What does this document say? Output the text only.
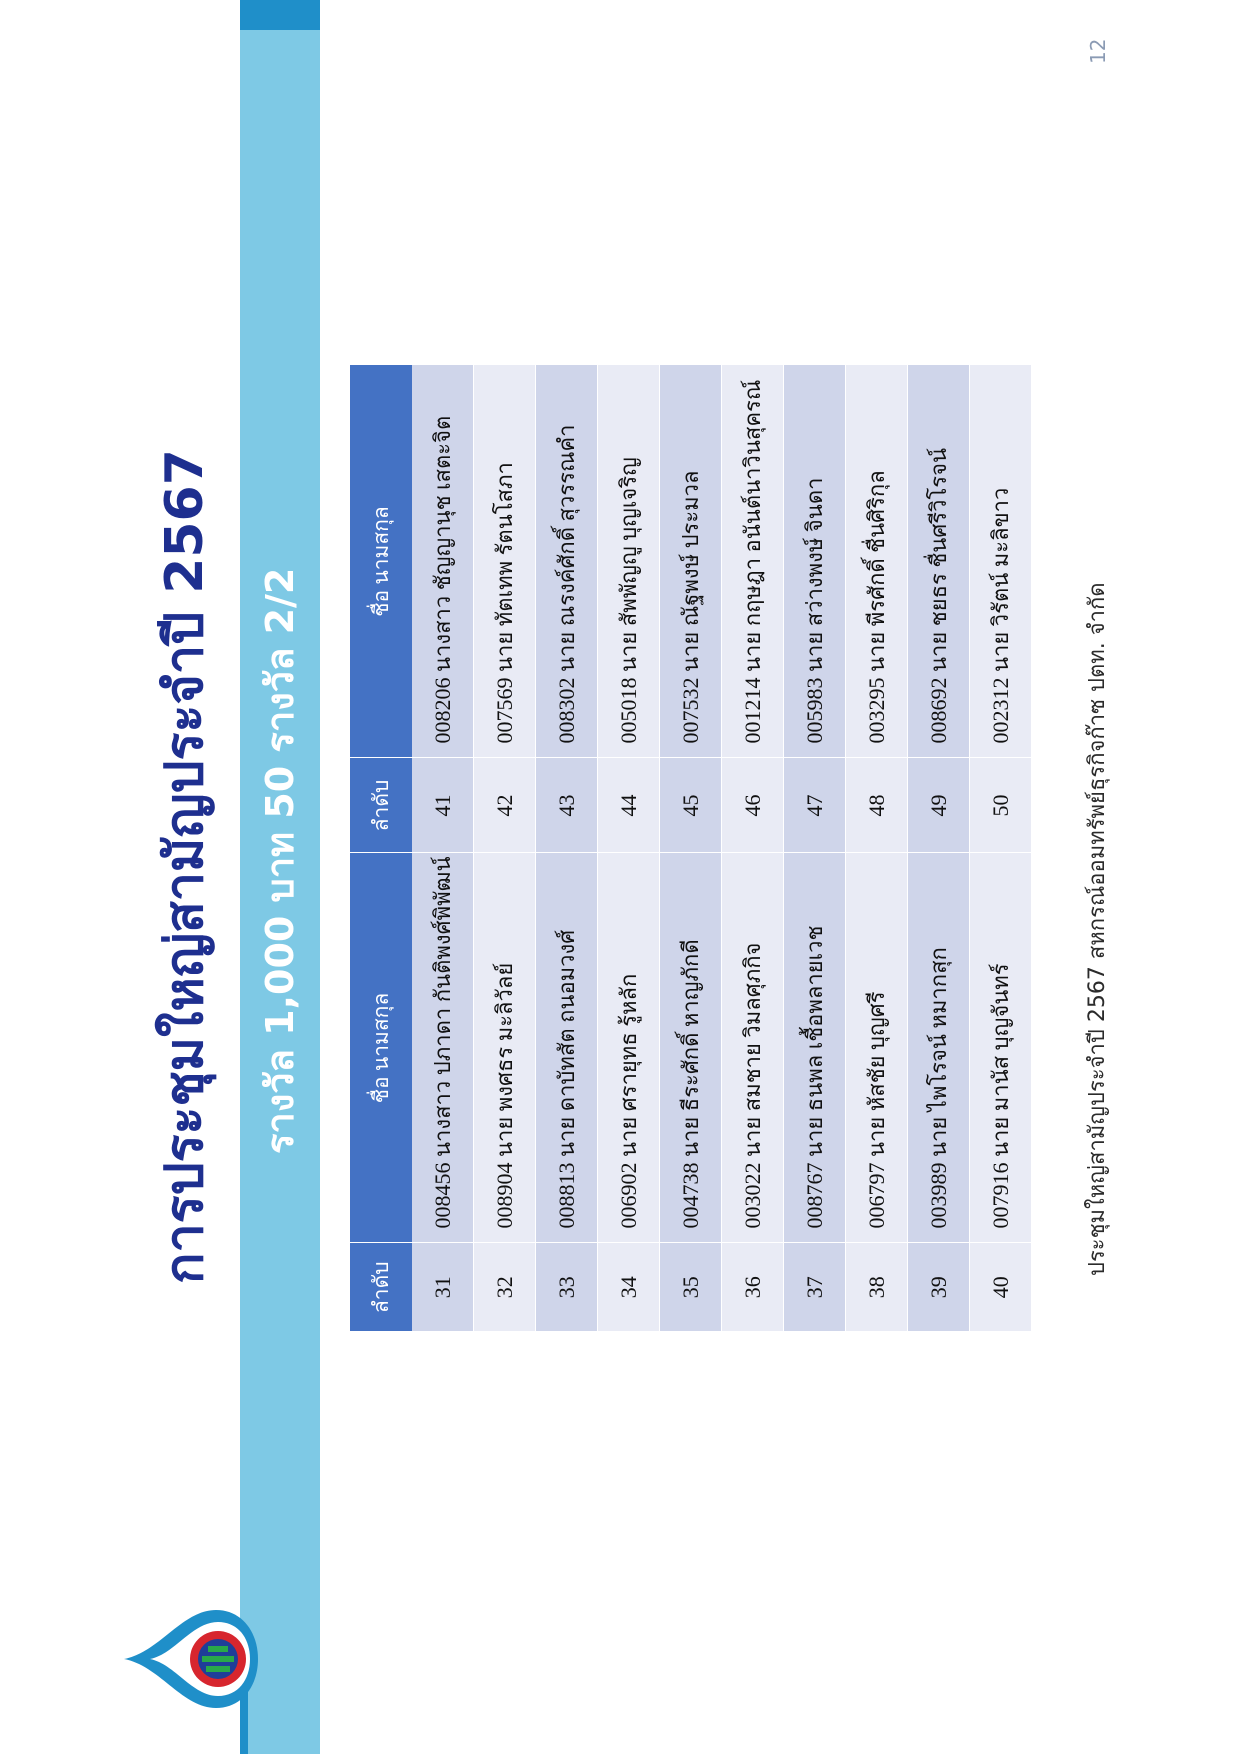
การประชุมใหญ่สามัญประจำปี 2567	รางวัล 1,000 บาท 50 รางวัล 2/2
ลำดับ	ชื่อ นามสกุล	ลำดับ	ชื่อ นามสกุล
31	008456 นางสาว ปภาดา กันติพงศ์พิพัฒน์	41	008206 นางสาว ชัญญานุช เสตะจิต
32	008904 นาย พงศธร มะลิวัลย์	42	007569 นาย ทัตเทพ รัตนโสภา
33	008813 นาย ดาบัทสัต ถนอมวงศ์	43	008302 นาย ณรงค์ศักดิ์ สุวรรณคำ
34	006902 นาย ศรายุทธ รู้หลัก	44	005018 นาย สัพพัญญู บุญเจริญ
35	004738 นาย ธีระศักดิ์ หาญภักดี	45	007532 นาย ณัฐพงษ์ ประมวล
36	003022 นาย สมชาย วิมลศุภกิจ	46	001214 นาย กฤษฎา อนันต์นาวินสุครณ์
37	008767 นาย ธนพล เชื้อพลายเวช	47	005983 นาย สว่างพงษ์ จินดา
38	006797 นาย หัสชัย บุญศรี	48	003295 นาย พีรศักดิ์ ชื่นศิริกุล
39	003989 นาย ไพโรจน์ หมากสุก	49	008692 นาย ชยธร ชื่นศรีวิโรจน์
40	007916 นาย มานัส บุญจันทร์	50	002312 นาย วิรัตน์ มะลิขาว	ประชุมใหญ่สามัญประจำปี 2567 สหกรณ์ออมทรัพย์ธุรกิจก๊าซ ปตท. จำกัด
12
